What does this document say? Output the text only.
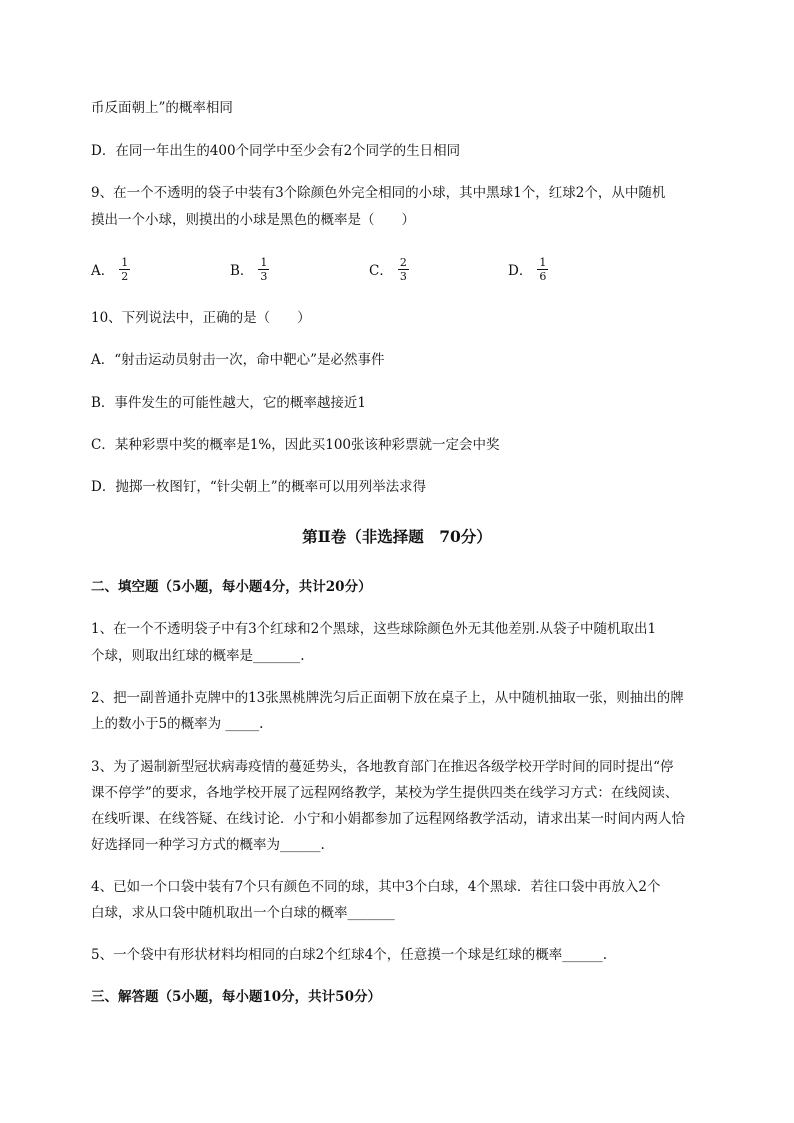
币反面朝上”的概率相同
D．在同一年出生的400个同学中至少会有2个同学的生日相同
9、在一个不透明的袋子中装有3个除颜色外完全相同的小球，其中黑球1个，红球2个，从中随机
摸出一个小球，则摸出的小球是黑色的概率是（　　）
A． $\frac{1}{2}$	B． $\frac{1}{3}$	C． $\frac{2}{3}$	D． $\frac{1}{6}$
10、下列说法中，正确的是（　　）
A．“射击运动员射击一次，命中靶心”是必然事件
B．事件发生的可能性越大，它的概率越接近1
C．某种彩票中奖的概率是1%，因此买100张该种彩票就一定会中奖
D．抛掷一枚图钉，“针尖朝上”的概率可以用列举法求得
第Ⅱ卷（非选择题　70分）
二、填空题（5小题，每小题4分，共计20分）
1、在一个不透明袋子中有3个红球和2个黑球，这些球除颜色外无其他差别.从袋子中随机取出1
个球，则取出红球的概率是_______.
2、把一副普通扑克牌中的13张黑桃牌洗匀后正面朝下放在桌子上，从中随机抽取一张，则抽出的牌
上的数小于5的概率为 _____.
3、为了遏制新型冠状病毒疫情的蔓延势头，各地教育部门在推迟各级学校开学时间的同时提出“停
课不停学”的要求，各地学校开展了远程网络教学，某校为学生提供四类在线学习方式：在线阅读、
在线听课、在线答疑、在线讨论．小宁和小娟都参加了远程网络教学活动，请求出某一时间内两人恰
好选择同一种学习方式的概率为______.
4、已如一个口袋中装有7个只有颜色不同的球，其中3个白球，4个黑球．若往口袋中再放入2个
白球，求从口袋中随机取出一个白球的概率_______
5、一个袋中有形状材料均相同的白球2个红球4个，任意摸一个球是红球的概率______.
三、解答题（5小题，每小题10分，共计50分）
